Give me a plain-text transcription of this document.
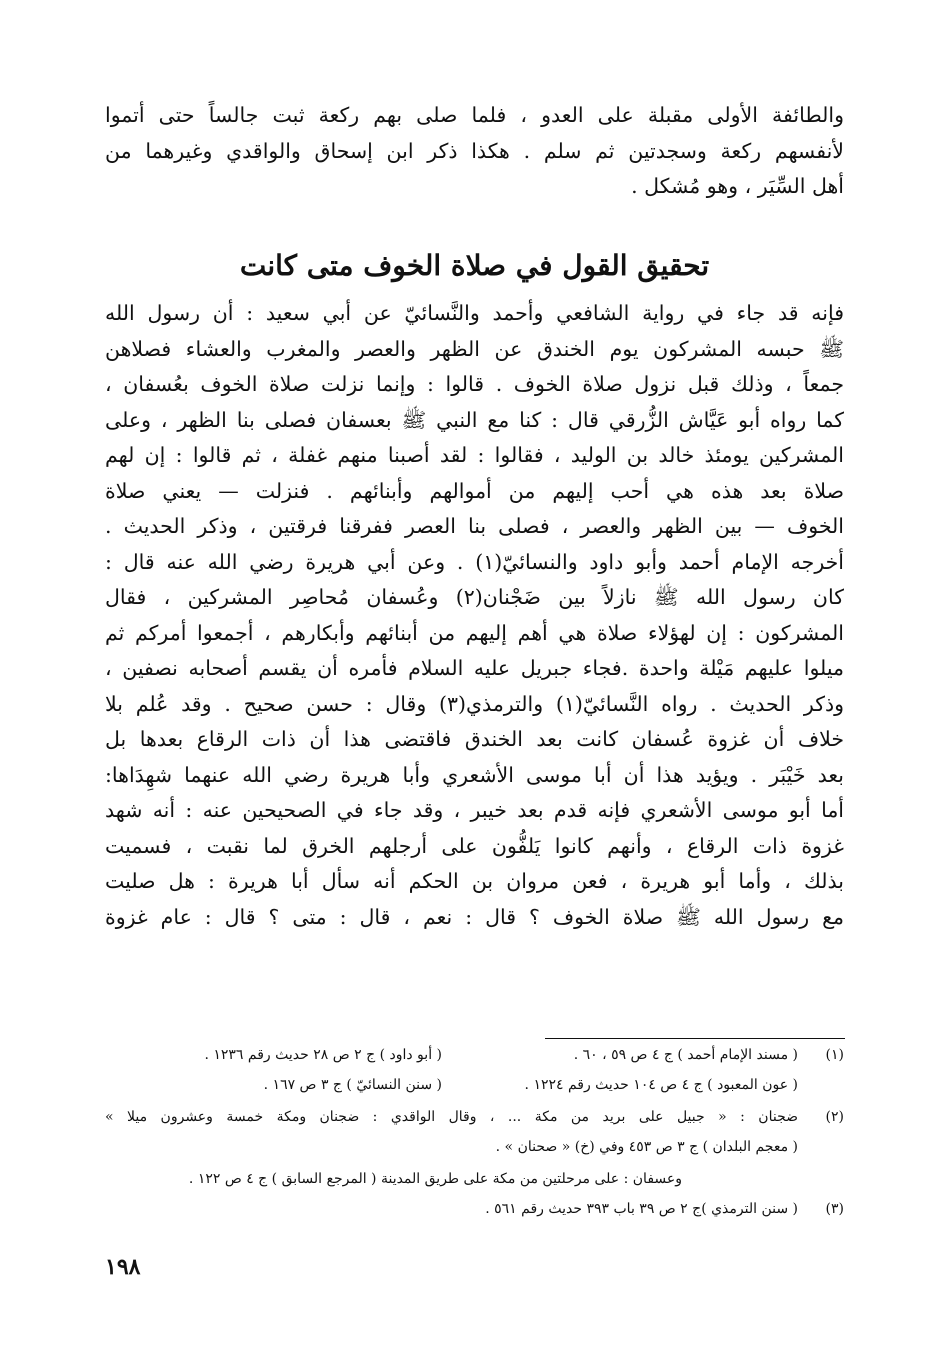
والطائفة الأولى مقبلة على العدو ، فلما صلى بهم ركعة ثبت جالساً حتى أتموا
لأنفسهم ركعة وسجدتين ثم سلم . هكذا ذكر ابن إسحاق والواقدي وغيرهما من
أهل السِّيَر ، وهو مُشكل .
تحقيق القول في صلاة الخوف متى كانت
فإنه قد جاء في رواية الشافعي وأحمد والنَّسائيّ عن أبي سعيد : أن رسول الله
ﷺ حبسه المشركون يوم الخندق عن الظهر والعصر والمغرب والعشاء فصلاهن
جمعاً ، وذلك قبل نزول صلاة الخوف . قالوا : وإنما نزلت صلاة الخوف بعُسفان ،
كما رواه أبو عَيَّاش الزُّرقي قال : كنا مع النبي ﷺ بعسفان فصلى بنا الظهر ، وعلى
المشركين يومئذ خالد بن الوليد ، فقالوا : لقد أصبنا منهم غفلة ، ثم قالوا : إن لهم
صلاة بعد هذه هي أحب إليهم من أموالهم وأبنائهم . فنزلت — يعني صلاة
الخوف — بين الظهر والعصر ، فصلى بنا العصر ففرقنا فرقتين ، وذكر الحديث .
أخرجه الإمام أحمد وأبو داود والنسائيّ(١) . وعن أبي هريرة رضي الله عنه قال :
كان رسول الله ﷺ نازلاً بين ضَجْنان(٢) وعُسفان مُحاصِر المشركين ، فقال
المشركون : إن لهؤلاء صلاة هي أهم إليهم من أبنائهم وأبكارهم ، أجمعوا أمركم ثم
ميلوا عليهم مَيْلة واحدة .فجاء جبريل عليه السلام فأمره أن يقسم أصحابه نصفين ،
وذكر الحديث . رواه النَّسائيّ(١) والترمذي(٣) وقال : حسن صحيح . وقد عُلم بلا
خلاف أن غزوة عُسفان كانت بعد الخندق فاقتضى هذا أن ذات الرقاع بعدها بل
بعد خَيْبَر . ويؤيد هذا أن أبا موسى الأشعري وأبا هريرة رضي الله عنهما شهِدَاها:
أما أبو موسى الأشعري فإنه قدم بعد خيبر ، وقد جاء في الصحيحين عنه : أنه شهد
غزوة ذات الرقاع ، وأنهم كانوا يَلفُّون على أرجلهم الخرق لما نقبت ، فسميت
بذلك ، وأما أبو هريرة ، فعن مروان بن الحكم أنه سأل أبا هريرة : هل صليت
مع رسول الله ﷺ صلاة الخوف ؟ قال : نعم ، قال : متى ؟ قال : عام غزوة
(١)
( مسند الإمام أحمد ) ج ٤ ص ٥٩ ، ٦٠ .
( أبو داود ) ج ٢ ص ٢٨ حديث رقم ١٢٣٦ .
( عون المعبود ) ج ٤ ص ١٠٤ حديث رقم ١٢٢٤ .
( سنن النسائيّ ) ج ٣ ص ١٦٧ .
(٢)
ضجنان : « جبيل على بريد من مكة ... ، وقال الواقدي : ضجنان ومكة خمسة وعشرون ميلا »
( معجم البلدان ) ج ٣ ص ٤٥٣ وفي (خ) « صحنان » .
وعسفان : على مرحلتين من مكة على طريق المدينة ( المرجع السابق ) ج ٤ ص ١٢٢ .
(٣)
( سنن الترمذي )ج ٢ ص ٣٩ باب ٣٩٣ حديث رقم ٥٦١ .
١٩٨
